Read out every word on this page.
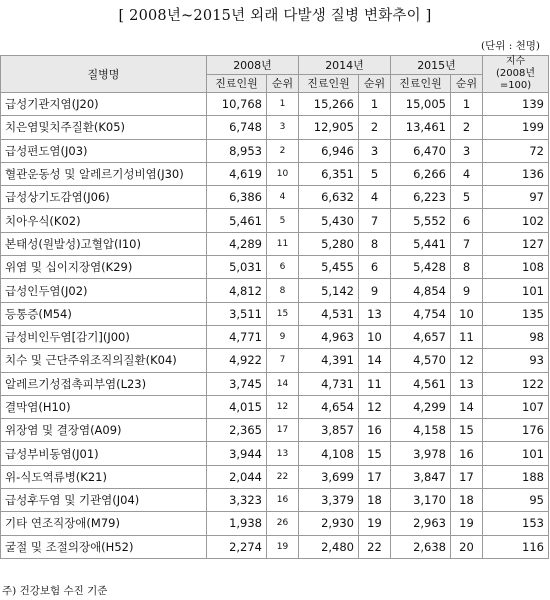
[ 2008년~2015년 외래 다발생 질병 변화추이 ]
(단위 : 천명)
질병명	2008년		2014년		2015년		지수
(2008년=100)
	진료인원	순위	진료인원	순위	진료인원	순위	
급성기관지염(J20)	10,768	1	15,266	1	15,005	1	139
치은염및치주질환(K05)	6,748	3	12,905	2	13,461	2	199
급성편도염(J03)	8,953	2	6,946	3	6,470	3	72
혈관운동성 및 알레르기성비염(J30)	4,619	10	6,351	5	6,266	4	136
급성상기도감염(J06)	6,386	4	6,632	4	6,223	5	97
치아우식(K02)	5,461	5	5,430	7	5,552	6	102
본태성(원발성)고혈압(I10)	4,289	11	5,280	8	5,441	7	127
위염 및 십이지장염(K29)	5,031	6	5,455	6	5,428	8	108
급성인두염(J02)	4,812	8	5,142	9	4,854	9	101
등통증(M54)	3,511	15	4,531	13	4,754	10	135
급성비인두염[감기](J00)	4,771	9	4,963	10	4,657	11	98
치수 및 근단주위조직의질환(K04)	4,922	7	4,391	14	4,570	12	93
알레르기성접촉피부염(L23)	3,745	14	4,731	11	4,561	13	122
결막염(H10)	4,015	12	4,654	12	4,299	14	107
위장염 및 결장염(A09)	2,365	17	3,857	16	4,158	15	176
급성부비동염(J01)	3,944	13	4,108	15	3,978	16	101
위-식도역류병(K21)	2,044	22	3,699	17	3,847	17	188
급성후두염 및 기관염(J04)	3,323	16	3,379	18	3,170	18	95
기타 연조직장애(M79)	1,938	26	2,930	19	2,963	19	153
굴절 및 조절의장애(H52)	2,274	19	2,480	22	2,638	20	116
주) 건강보험 수진 기준
